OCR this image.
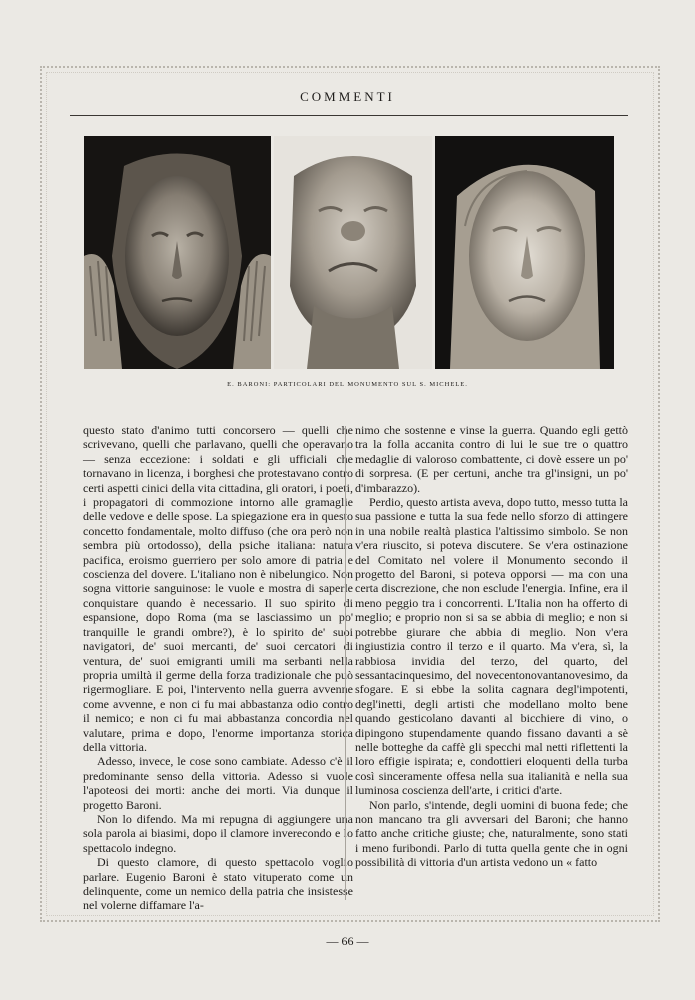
COMMENTI
E. BARONI: PARTICOLARI DEL MONUMENTO SUL S. MICHELE.

questo stato d'animo tutti concorsero — quelli che scrivevano, quelli che parlavano, quelli che operavano — senza eccezione: i soldati e gli ufficiali che tornavano in licenza, i borghesi che protestavano contro certi aspetti cinici della vita cittadina, gli oratori, i poeti, i propagatori di commozione intorno alle gramaglie delle vedove e delle spose. La spiegazione era in questo concetto fondamentale, molto diffuso (che ora però non sembra più ortodosso), della psiche italiana: natura pacifica, eroismo guerriero per solo amore di patria e coscienza del dovere. L'italiano non è nibelungico. Non sogna vittorie sanguinose: le vuole e mostra di saperle conquistare quando è necessario. Il suo spirito di espansione, dopo Roma (ma se lasciassimo un po' tranquille le grandi ombre?), è lo spirito de' suoi navigatori, de' suoi mercanti, de' suoi cercatori di ventura, de' suoi emigranti umili ma serbanti nella propria umiltà il germe della forza tradizionale che può rigermogliare. E poi, l'intervento nella guerra avvenne come avvenne, e non ci fu mai abbastanza odio contro il nemico; e non ci fu mai abbastanza concordia nel valutare, prima e dopo, l'enorme importanza storica della vittoria.

Adesso, invece, le cose sono cambiate. Adesso c'è il predominante senso della vittoria. Adesso si vuole l'apoteosi dei morti: anche dei morti. Via dunque il progetto Baroni.

Non lo difendo. Ma mi repugna di aggiungere una sola parola ai biasimi, dopo il clamore inverecondo e lo spettacolo indegno.

Di questo clamore, di questo spettacolo voglio parlare. Eugenio Baroni è stato vituperato come un delinquente, come un nemico della patria che insistesse nel volerne diffamare l'a-

nimo che sostenne e vinse la guerra. Quando egli gettò tra la folla accanita contro di lui le sue tre o quattro medaglie di valoroso combattente, ci dovè essere un po' di sorpresa. (E per certuni, anche tra gl'insigni, un po' d'imbarazzo).

Perdio, questo artista aveva, dopo tutto, messo tutta la sua passione e tutta la sua fede nello sforzo di attingere in una nobile realtà plastica l'altissimo simbolo. Se non v'era riuscito, si poteva discutere. Se v'era ostinazione del Comitato nel volere il Monumento secondo il progetto del Baroni, si poteva opporsi — ma con una certa discrezione, che non esclude l'energia. Infine, era il meno peggio tra i concorrenti. L'Italia non ha offerto di meglio; e proprio non si sa se abbia di meglio; e non si potrebbe giurare che abbia di meglio. Non v'era ingiustizia contro il terzo e il quarto. Ma v'era, sì, la rabbiosa invidia del terzo, del quarto, del sessantacinquesimo, del novecentonovantanovesimo, da sfogare. E si ebbe la solita cagnara degl'impotenti, degl'inetti, degli artisti che modellano molto bene quando gesticolano davanti al bicchiere di vino, o dipingono stupendamente quando fissano davanti a sè nelle botteghe da caffè gli specchi mal netti riflettenti la loro effigie ispirata; e, condottieri eloquenti della turba così sinceramente offesa nella sua italianità e nella sua luminosa coscienza dell'arte, i critici d'arte.

Non parlo, s'intende, degli uomini di buona fede; che non mancano tra gli avversari del Baroni; che hanno fatto anche critiche giuste; che, naturalmente, sono stati i meno furibondi. Parlo di tutta quella gente che in ogni possibilità di vittoria d'un artista vedono un « fatto

— 66 —
